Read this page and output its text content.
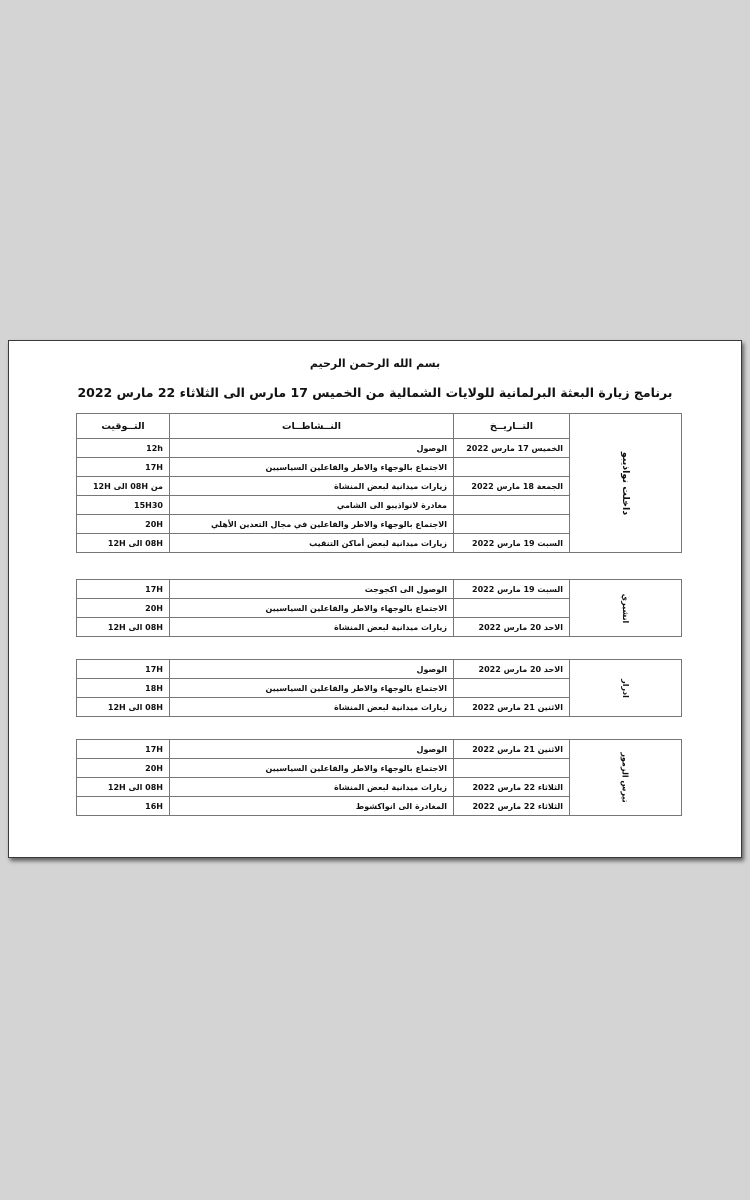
بسم الله الرحمن الرحيم
برنامج زيارة البعثة البرلمانية للولايات الشمالية من الخميس 17 مارس الى الثلاثاء 22 مارس 2022
التــوقيت	النــشاطــات	التــاريــخ	داخلت نواذيبو
12h	الوصول	الخميس 17 مارس 2022	
17H	الاجتماع بالوجهاء والاطر والفاعلين السياسيين		
من 08H الى 12H	زيارات ميدانية لبعض المنشاة	الجمعة 18 مارس 2022	
15H30	مغادرة لانواذيبو الى الشامي		
20H	الاجتماع بالوجهاء والاطر والفاعلين في مجال التعدين الأهلي		
08H الى 12H	زيارات ميدانية لبعض أماكن التنقيب	السبت 19 مارس 2022	
17H	الوصول الى اكجوجت	السبت 19 مارس 2022	انشيري
20H	الاجتماع بالوجهاء والاطر والفاعلين السياسيين		
08H الى 12H	زيارات ميدانية لبعض المنشاة	الاحد 20 مارس 2022	
17H	الوصول	الاحد 20 مارس 2022	ادرار
18H	الاجتماع بالوجهاء والاطر والفاعلين السياسيين		
08H الى 12H	زيارات ميدانية لبعض المنشاة	الاثنين 21 مارس 2022	
17H	الوصول	الاثنين 21 مارس 2022	تيرس الزمور
20H	الاجتماع بالوجهاء والاطر والفاعلين السياسيين		
08H الى 12H	زيارات ميدانية لبعض المنشاة	الثلاثاء 22 مارس 2022	
16H	المغادرة الى انواكشوط	الثلاثاء 22 مارس 2022	
